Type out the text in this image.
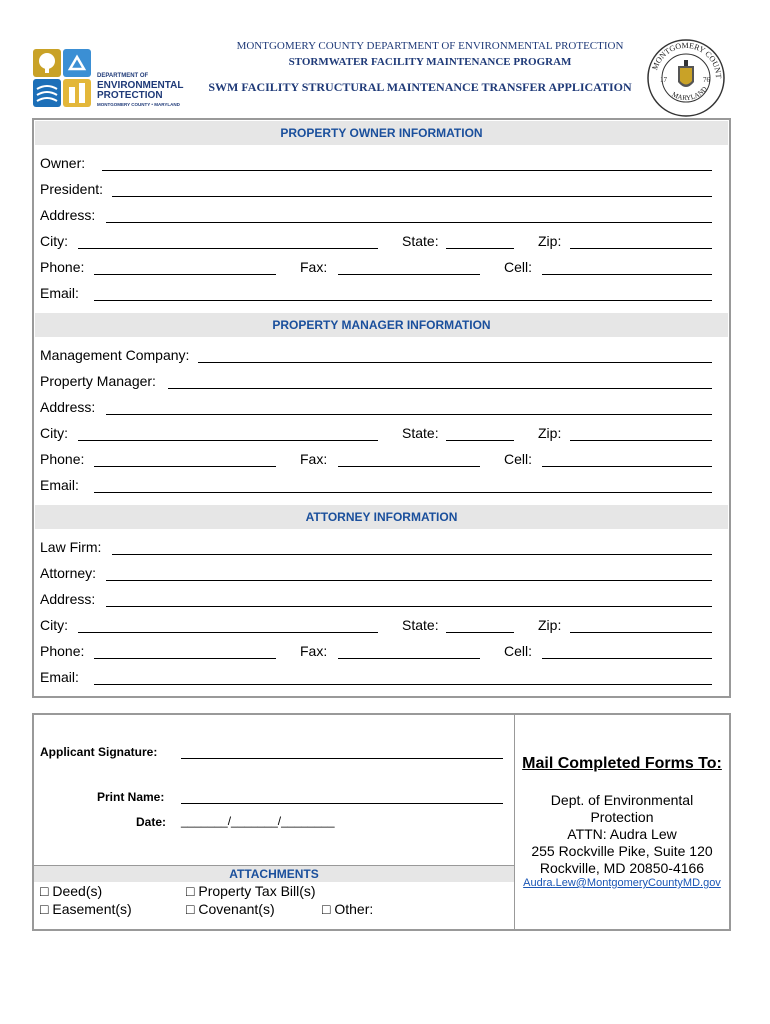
DEPARTMENT OF
ENVIRONMENTAL
PROTECTION
MONTGOMERY COUNTY • MARYLAND
MONTGOMERY COUNTY DEPARTMENT OF ENVIRONMENTAL PROTECTION
STORMWATER FACILITY MAINTENANCE PROGRAM
SWM FACILITY STRUCTURAL MAINTENANCE TRANSFER APPLICATION
MONTGOMERY COUNT
MARYLAND
17	76
PROPERTY OWNER INFORMATION
Owner:
President:
Address:
City:	State:	Zip:
Phone:	Fax:	Cell:
Email:
PROPERTY MANAGER INFORMATION
Management Company:
Property Manager:
Address:
City:	State:	Zip:
Phone:	Fax:	Cell:
Email:
ATTORNEY INFORMATION
Law Firm:
Attorney:
Address:
City:	State:	Zip:
Phone:	Fax:	Cell:
Email:
Applicant Signature:
Print Name:
Date: _______/_______/________
ATTACHMENTS
□ Deed(s)	□ Property Tax Bill(s)
□ Easement(s)	□ Covenant(s)	□ Other:
Mail Completed Forms To:
Dept. of Environmental
Protection
ATTN: Audra Lew
255 Rockville Pike, Suite 120
Rockville, MD 20850-4166
Audra.Lew@MontgomeryCountyMD.gov
